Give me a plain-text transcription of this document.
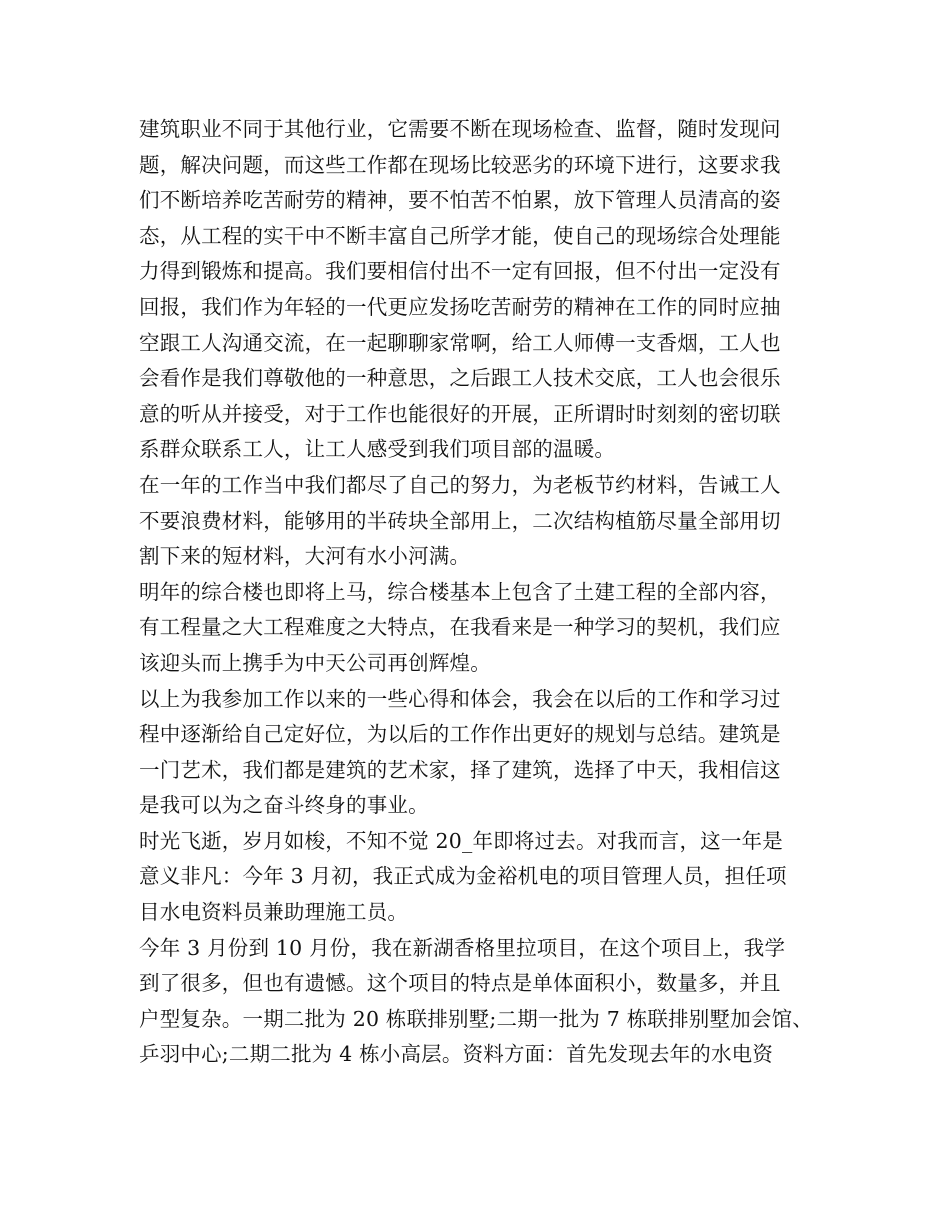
建筑职业不同于其他行业，它需要不断在现场检查、监督，随时发现问
题，解决问题，而这些工作都在现场比较恶劣的环境下进行，这要求我
们不断培养吃苦耐劳的精神，要不怕苦不怕累，放下管理人员清高的姿
态，从工程的实干中不断丰富自己所学才能，使自己的现场综合处理能
力得到锻炼和提高。我们要相信付出不一定有回报，但不付出一定没有
回报，我们作为年轻的一代更应发扬吃苦耐劳的精神在工作的同时应抽
空跟工人沟通交流，在一起聊聊家常啊，给工人师傅一支香烟，工人也
会看作是我们尊敬他的一种意思，之后跟工人技术交底，工人也会很乐
意的听从并接受，对于工作也能很好的开展，正所谓时时刻刻的密切联
系群众联系工人，让工人感受到我们项目部的温暖。
在一年的工作当中我们都尽了自己的努力，为老板节约材料，告诫工人
不要浪费材料，能够用的半砖块全部用上，二次结构植筋尽量全部用切
割下来的短材料，大河有水小河满。
明年的综合楼也即将上马，综合楼基本上包含了土建工程的全部内容，
有工程量之大工程难度之大特点，在我看来是一种学习的契机，我们应
该迎头而上携手为中天公司再创辉煌。
以上为我参加工作以来的一些心得和体会，我会在以后的工作和学习过
程中逐渐给自己定好位，为以后的工作作出更好的规划与总结。建筑是
一门艺术，我们都是建筑的艺术家，择了建筑，选择了中天，我相信这
是我可以为之奋斗终身的事业。
时光飞逝，岁月如梭，不知不觉 20_年即将过去。对我而言，这一年是
意义非凡：今年 3 月初，我正式成为金裕机电的项目管理人员，担任项
目水电资料员兼助理施工员。
今年 3 月份到 10 月份，我在新湖香格里拉项目，在这个项目上，我学
到了很多，但也有遗憾。这个项目的特点是单体面积小，数量多，并且
户型复杂。一期二批为 20 栋联排别墅;二期一批为 7 栋联排别墅加会馆、
乒羽中心;二期二批为 4 栋小高层。资料方面：首先发现去年的水电资
